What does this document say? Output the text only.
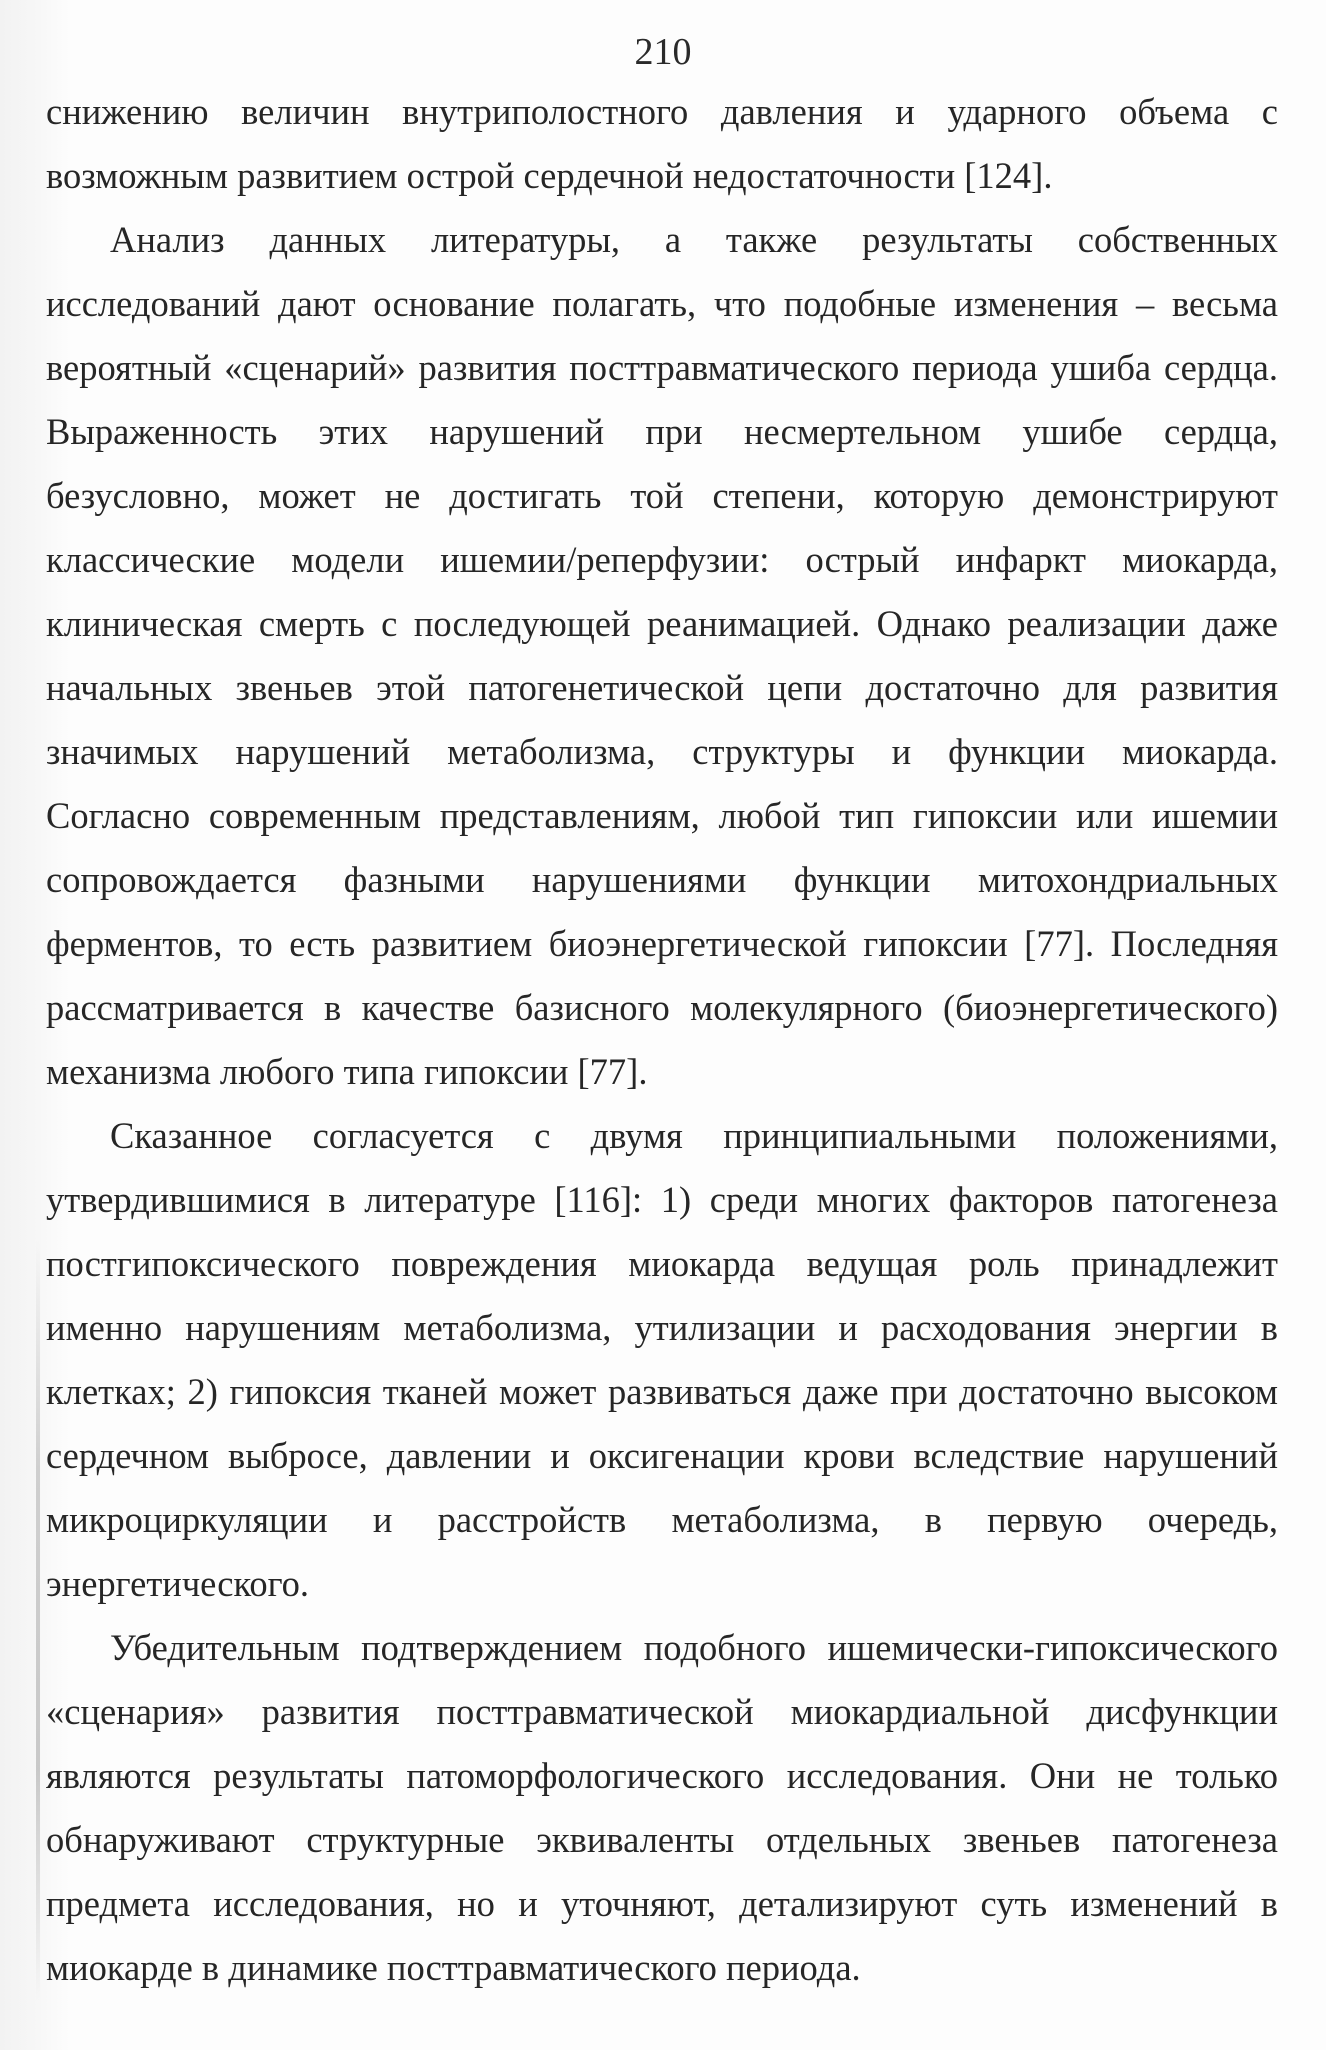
210
снижению величин внутриполостного давления и ударного объема с
возможным развитием острой сердечной недостаточности [124].
Анализ данных литературы, а также результаты собственных
исследований дают основание полагать, что подобные изменения – весьма
вероятный «сценарий» развития посттравматического периода ушиба сердца.
Выраженность этих нарушений при несмертельном ушибе сердца,
безусловно, может не достигать той степени, которую демонстрируют
классические модели ишемии/реперфузии: острый инфаркт миокарда,
клиническая смерть с последующей реанимацией. Однако реализации даже
начальных звеньев этой патогенетической цепи достаточно для развития
значимых нарушений метаболизма, структуры и функции миокарда.
Согласно современным представлениям, любой тип гипоксии или ишемии
сопровождается фазными нарушениями функции митохондриальных
ферментов, то есть развитием биоэнергетической гипоксии [77]. Последняя
рассматривается в качестве базисного молекулярного (биоэнергетического)
механизма любого типа гипоксии [77].
Сказанное согласуется с двумя принципиальными положениями,
утвердившимися в литературе [116]: 1) среди многих факторов патогенеза
постгипоксического повреждения миокарда ведущая роль принадлежит
именно нарушениям метаболизма, утилизации и расходования энергии в
клетках; 2) гипоксия тканей может развиваться даже при достаточно высоком
сердечном выбросе, давлении и оксигенации крови вследствие нарушений
микроциркуляции и расстройств метаболизма, в первую очередь,
энергетического.
Убедительным подтверждением подобного ишемически-гипоксического
«сценария» развития посттравматической миокардиальной дисфункции
являются результаты патоморфологического исследования. Они не только
обнаруживают структурные эквиваленты отдельных звеньев патогенеза
предмета исследования, но и уточняют, детализируют суть изменений в
миокарде в динамике посттравматического периода.
